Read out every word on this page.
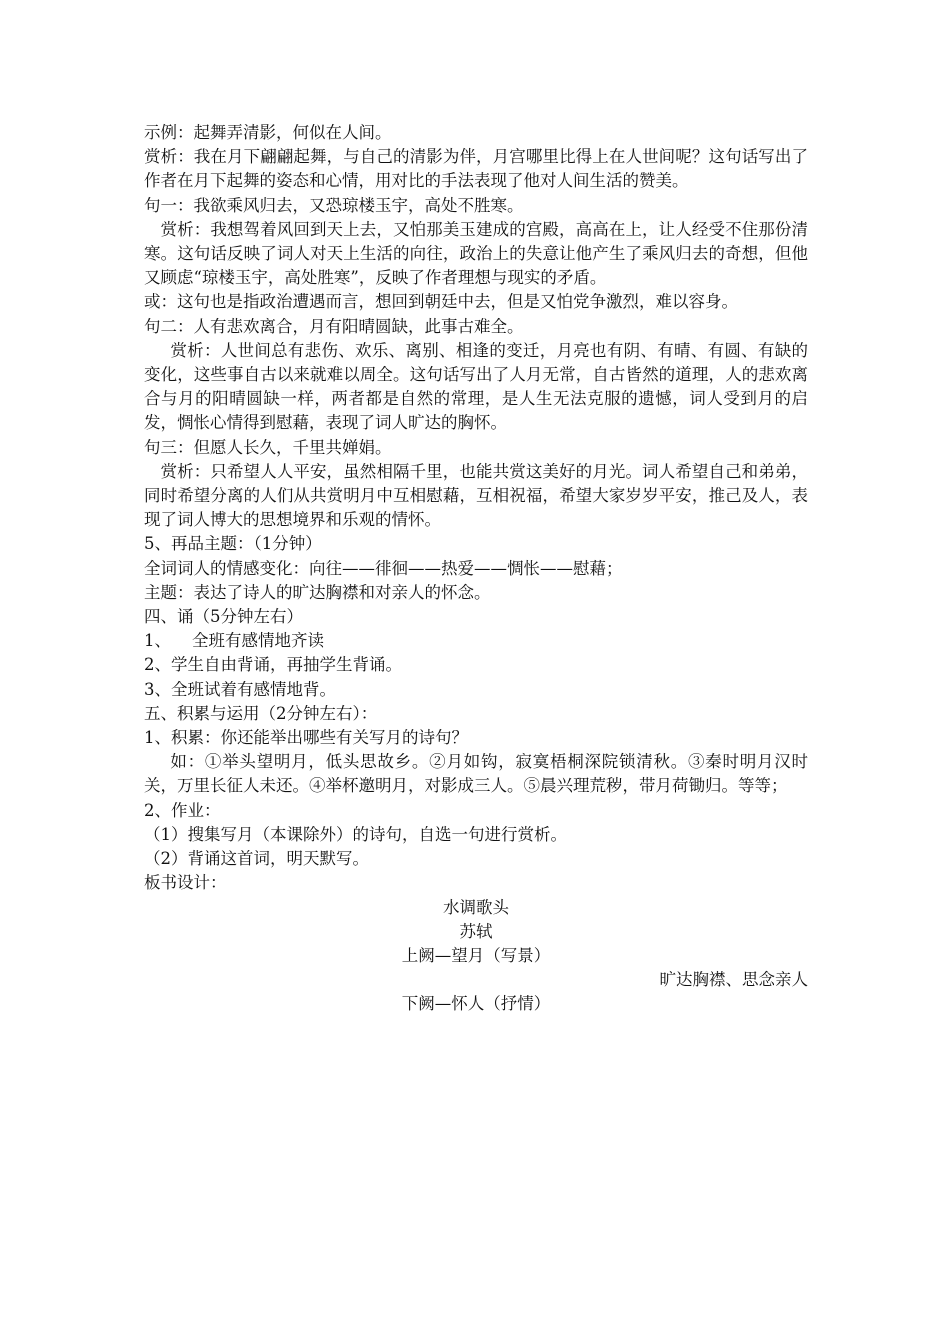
示例：起舞弄清影，何似在人间。

赏析：我在月下翩翩起舞，与自己的清影为伴，月宫哪里比得上在人世间呢？这句话写出了作者在月下起舞的姿态和心情，用对比的手法表现了他对人间生活的赞美。

句一：我欲乘风归去，又恐琼楼玉宇，高处不胜寒。

赏析：我想驾着风回到天上去，又怕那美玉建成的宫殿，高高在上，让人经受不住那份清寒。这句话反映了词人对天上生活的向往，政治上的失意让他产生了乘风归去的奇想，但他又顾虑“琼楼玉宇，高处胜寒”，反映了作者理想与现实的矛盾。

或：这句也是指政治遭遇而言，想回到朝廷中去，但是又怕党争激烈，难以容身。

句二：人有悲欢离合，月有阳晴圆缺，此事古难全。

赏析：人世间总有悲伤、欢乐、离别、相逢的变迁，月亮也有阴、有晴、有圆、有缺的变化，这些事自古以来就难以周全。这句话写出了人月无常，自古皆然的道理，人的悲欢离合与月的阳晴圆缺一样，两者都是自然的常理，是人生无法克服的遗憾，词人受到月的启发，惆怅心情得到慰藉，表现了词人旷达的胸怀。

句三：但愿人长久，千里共婵娟。

赏析：只希望人人平安，虽然相隔千里，也能共赏这美好的月光。词人希望自己和弟弟，同时希望分离的人们从共赏明月中互相慰藉，互相祝福，希望大家岁岁平安，推己及人，表现了词人博大的思想境界和乐观的情怀。

5、再品主题：（1分钟）

全词词人的情感变化：向往——徘徊——热爱——惆怅——慰藉；

主题：表达了诗人的旷达胸襟和对亲人的怀念。

四、诵（5分钟左右）

1、    全班有感情地齐读

2、学生自由背诵，再抽学生背诵。

3、全班试着有感情地背。

五、积累与运用（2分钟左右）：

1、积累：你还能举出哪些有关写月的诗句？

如：①举头望明月，低头思故乡。②月如钩，寂寞梧桐深院锁清秋。③秦时明月汉时关，万里长征人未还。④举杯邀明月，对影成三人。⑤晨兴理荒秽，带月荷锄归。等等；

2、作业：

（1）搜集写月（本课除外）的诗句，自选一句进行赏析。

（2）背诵这首词，明天默写。

板书设计：

水调歌头

苏轼

上阙—望月（写景）

旷达胸襟、思念亲人

下阙—怀人（抒情）
